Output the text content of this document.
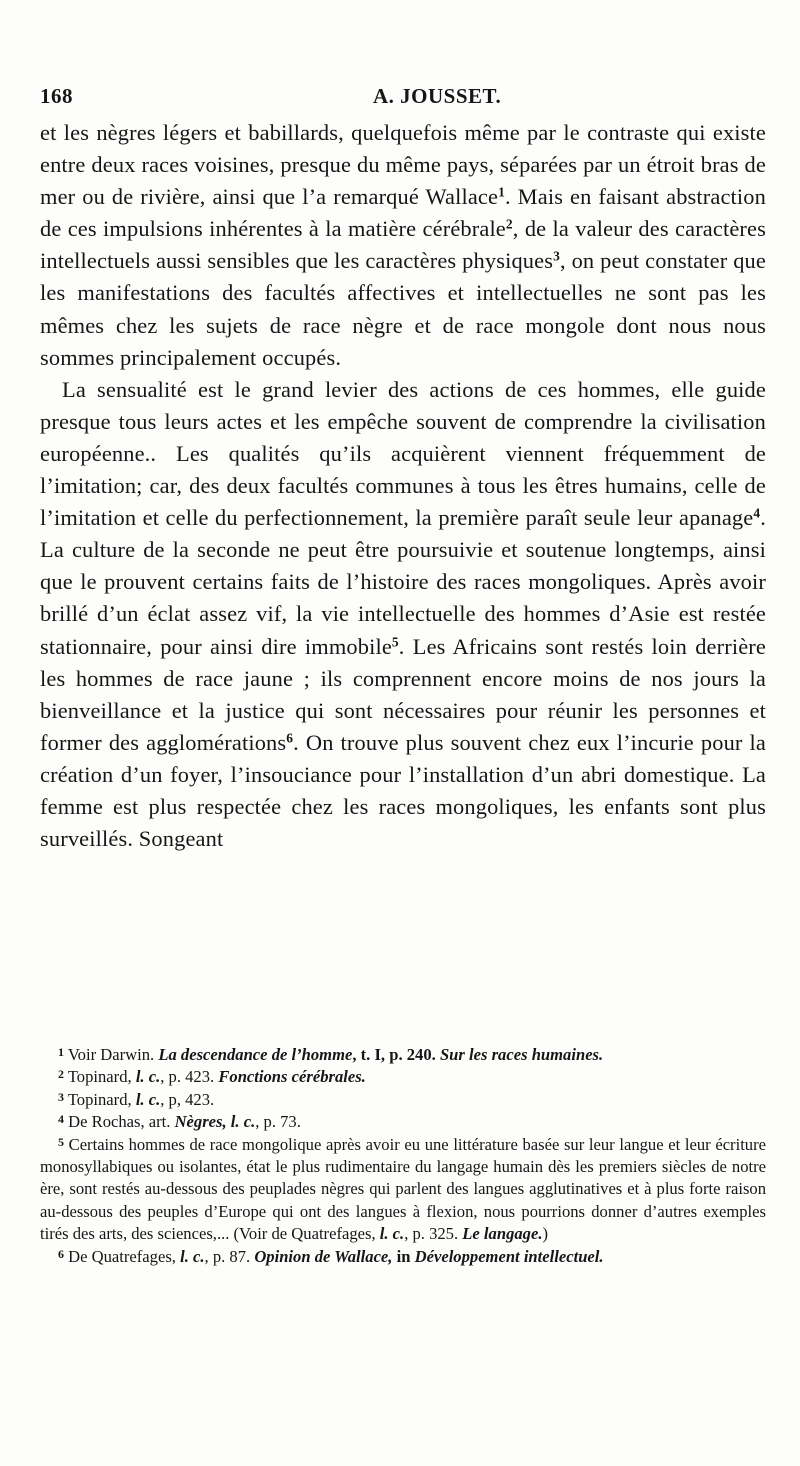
168	A. JOUSSET.

et les nègres légers et babillards, quelquefois même par le contraste qui existe entre deux races voisines, presque du même pays, séparées par un étroit bras de mer ou de rivière, ainsi que l’a remarqué Wallace$^1$. Mais en faisant abstraction de ces impulsions inhérentes à la matière cérébrale$^2$, de la valeur des caractères intellectuels aussi sensibles que les caractères physiques$^3$, on peut constater que les manifestations des facultés affectives et intellectuelles ne sont pas les mêmes chez les sujets de race nègre et de race mongole dont nous nous sommes principalement occupés.

La sensualité est le grand levier des actions de ces hommes, elle guide presque tous leurs actes et les empêche souvent de comprendre la civilisation européenne.. Les qualités qu’ils acquièrent viennent fréquemment de l’imitation; car, des deux facultés communes à tous les êtres humains, celle de l’imitation et celle du perfectionnement, la première paraît seule leur apanage$^4$. La culture de la seconde ne peut être poursuivie et soutenue longtemps, ainsi que le prouvent certains faits de l’histoire des races mongoliques. Après avoir brillé d’un éclat assez vif, la vie intellectuelle des hommes d’Asie est restée stationnaire, pour ainsi dire immobile$^5$. Les Africains sont restés loin derrière les hommes de race jaune ; ils comprennent encore moins de nos jours la bienveillance et la justice qui sont nécessaires pour réunir les personnes et former des agglomérations$^6$. On trouve plus souvent chez eux l’incurie pour la création d’un foyer, l’insouciance pour l’installation d’un abri domestique. La femme est plus respectée chez les races mongoliques, les enfants sont plus surveillés. Songeant

$^1$ Voir Darwin. La descendance de l’homme, t. I, p. 240. Sur les races humaines.

$^2$ Topinard, l. c., p. 423. Fonctions cérébrales.

$^3$ Topinard, l. c., p, 423.

$^4$ De Rochas, art. Nègres, l. c., p. 73.

$^5$ Certains hommes de race mongolique après avoir eu une littérature basée sur leur langue et leur écriture monosyllabiques ou isolantes, état le plus rudimentaire du langage humain dès les premiers siècles de notre ère, sont restés au-dessous des peuplades nègres qui parlent des langues agglutinatives et à plus forte raison au-dessous des peuples d’Europe qui ont des langues à flexion, nous pourrions donner d’autres exemples tirés des arts, des sciences,... (Voir de Quatrefages, l. c., p. 325. Le langage.)

$^6$ De Quatrefages, l. c., p. 87. Opinion de Wallace, in Développement intellectuel.
